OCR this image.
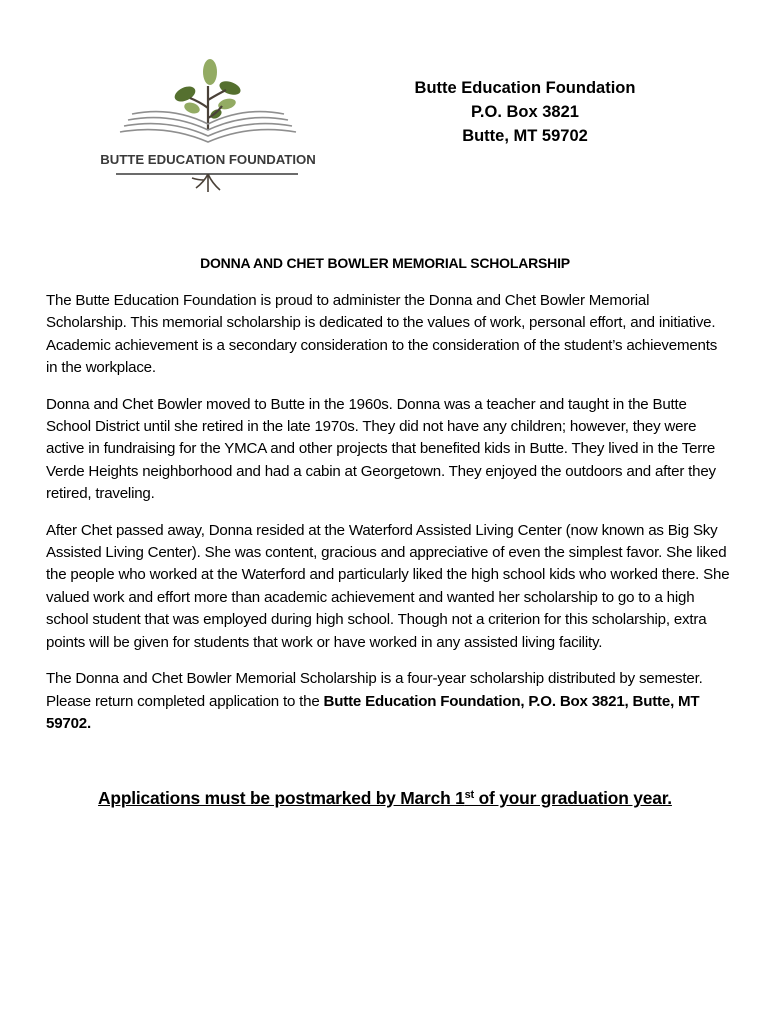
BUTTE EDUCATION FOUNDATION
Butte Education Foundation
P.O. Box 3821
Butte, MT 59702
DONNA AND CHET BOWLER MEMORIAL SCHOLARSHIP

The Butte Education Foundation is proud to administer the Donna and Chet Bowler Memorial Scholarship. This memorial scholarship is dedicated to the values of work, personal effort, and initiative. Academic achievement is a secondary consideration to the consideration of the student’s achievements in the workplace.

Donna and Chet Bowler moved to Butte in the 1960s. Donna was a teacher and taught in the Butte School District until she retired in the late 1970s. They did not have any children; however, they were active in fundraising for the YMCA and other projects that benefited kids in Butte. They lived in the Terre Verde Heights neighborhood and had a cabin at Georgetown. They enjoyed the outdoors and after they retired, traveling.

After Chet passed away, Donna resided at the Waterford Assisted Living Center (now known as Big Sky Assisted Living Center). She was content, gracious and appreciative of even the simplest favor. She liked the people who worked at the Waterford and particularly liked the high school kids who worked there. She valued work and effort more than academic achievement and wanted her scholarship to go to a high school student that was employed during high school. Though not a criterion for this scholarship, extra points will be given for students that work or have worked in any assisted living facility.

The Donna and Chet Bowler Memorial Scholarship is a four-year scholarship distributed by semester. Please return completed application to the Butte Education Foundation, P.O. Box 3821, Butte, MT 59702.

Applications must be postmarked by March 1st of your graduation year.
